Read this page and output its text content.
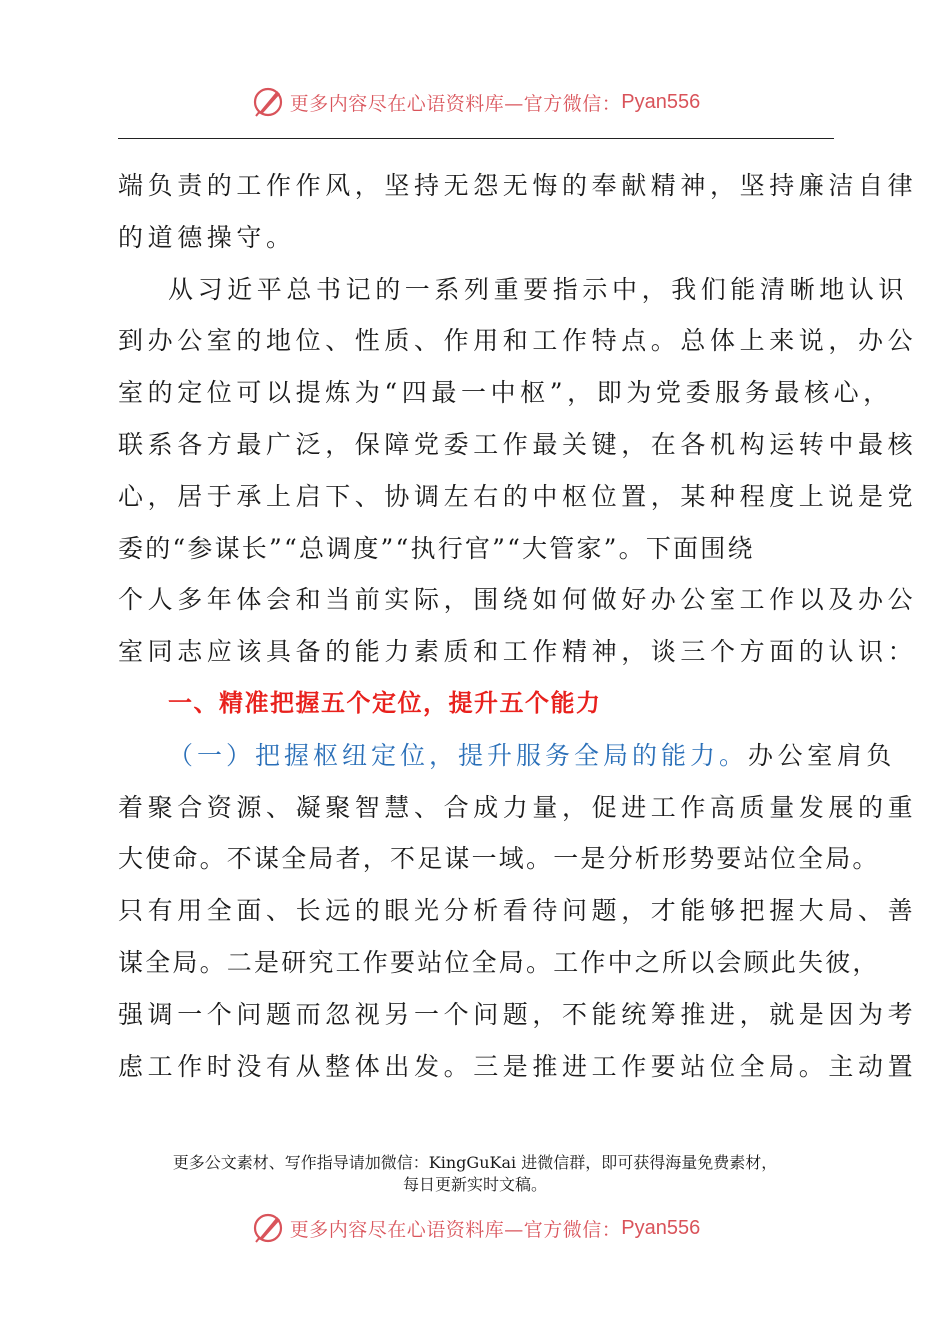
更多内容尽在心语资料库—官方微信： Pyan556
端负责的工作作风，坚持无怨无悔的奉献精神，坚持廉洁自律
的道德操守。
从习近平总书记的一系列重要指示中，我们能清晰地认识
到办公室的地位、性质、作用和工作特点。总体上来说，办公
室的定位可以提炼为“四最一中枢”，即为党委服务最核心，
联系各方最广泛，保障党委工作最关键，在各机构运转中最核
心，居于承上启下、协调左右的中枢位置，某种程度上说是党
委的“参谋长”“总调度”“执行官”“大管家”。下面围绕
个人多年体会和当前实际，围绕如何做好办公室工作以及办公
室同志应该具备的能力素质和工作精神，谈三个方面的认识：
一、精准把握五个定位，提升五个能力
（一）把握枢纽定位，提升服务全局的能力。办公室肩负
着聚合资源、凝聚智慧、合成力量，促进工作高质量发展的重
大使命。不谋全局者，不足谋一域。一是分析形势要站位全局。
只有用全面、长远的眼光分析看待问题，才能够把握大局、善
谋全局。二是研究工作要站位全局。工作中之所以会顾此失彼，
强调一个问题而忽视另一个问题，不能统筹推进，就是因为考
虑工作时没有从整体出发。三是推进工作要站位全局。主动置
更多公文素材、写作指导请加微信：KingGuKai 进微信群，即可获得海量免费素材，
每日更新实时文稿。
更多内容尽在心语资料库—官方微信： Pyan556
